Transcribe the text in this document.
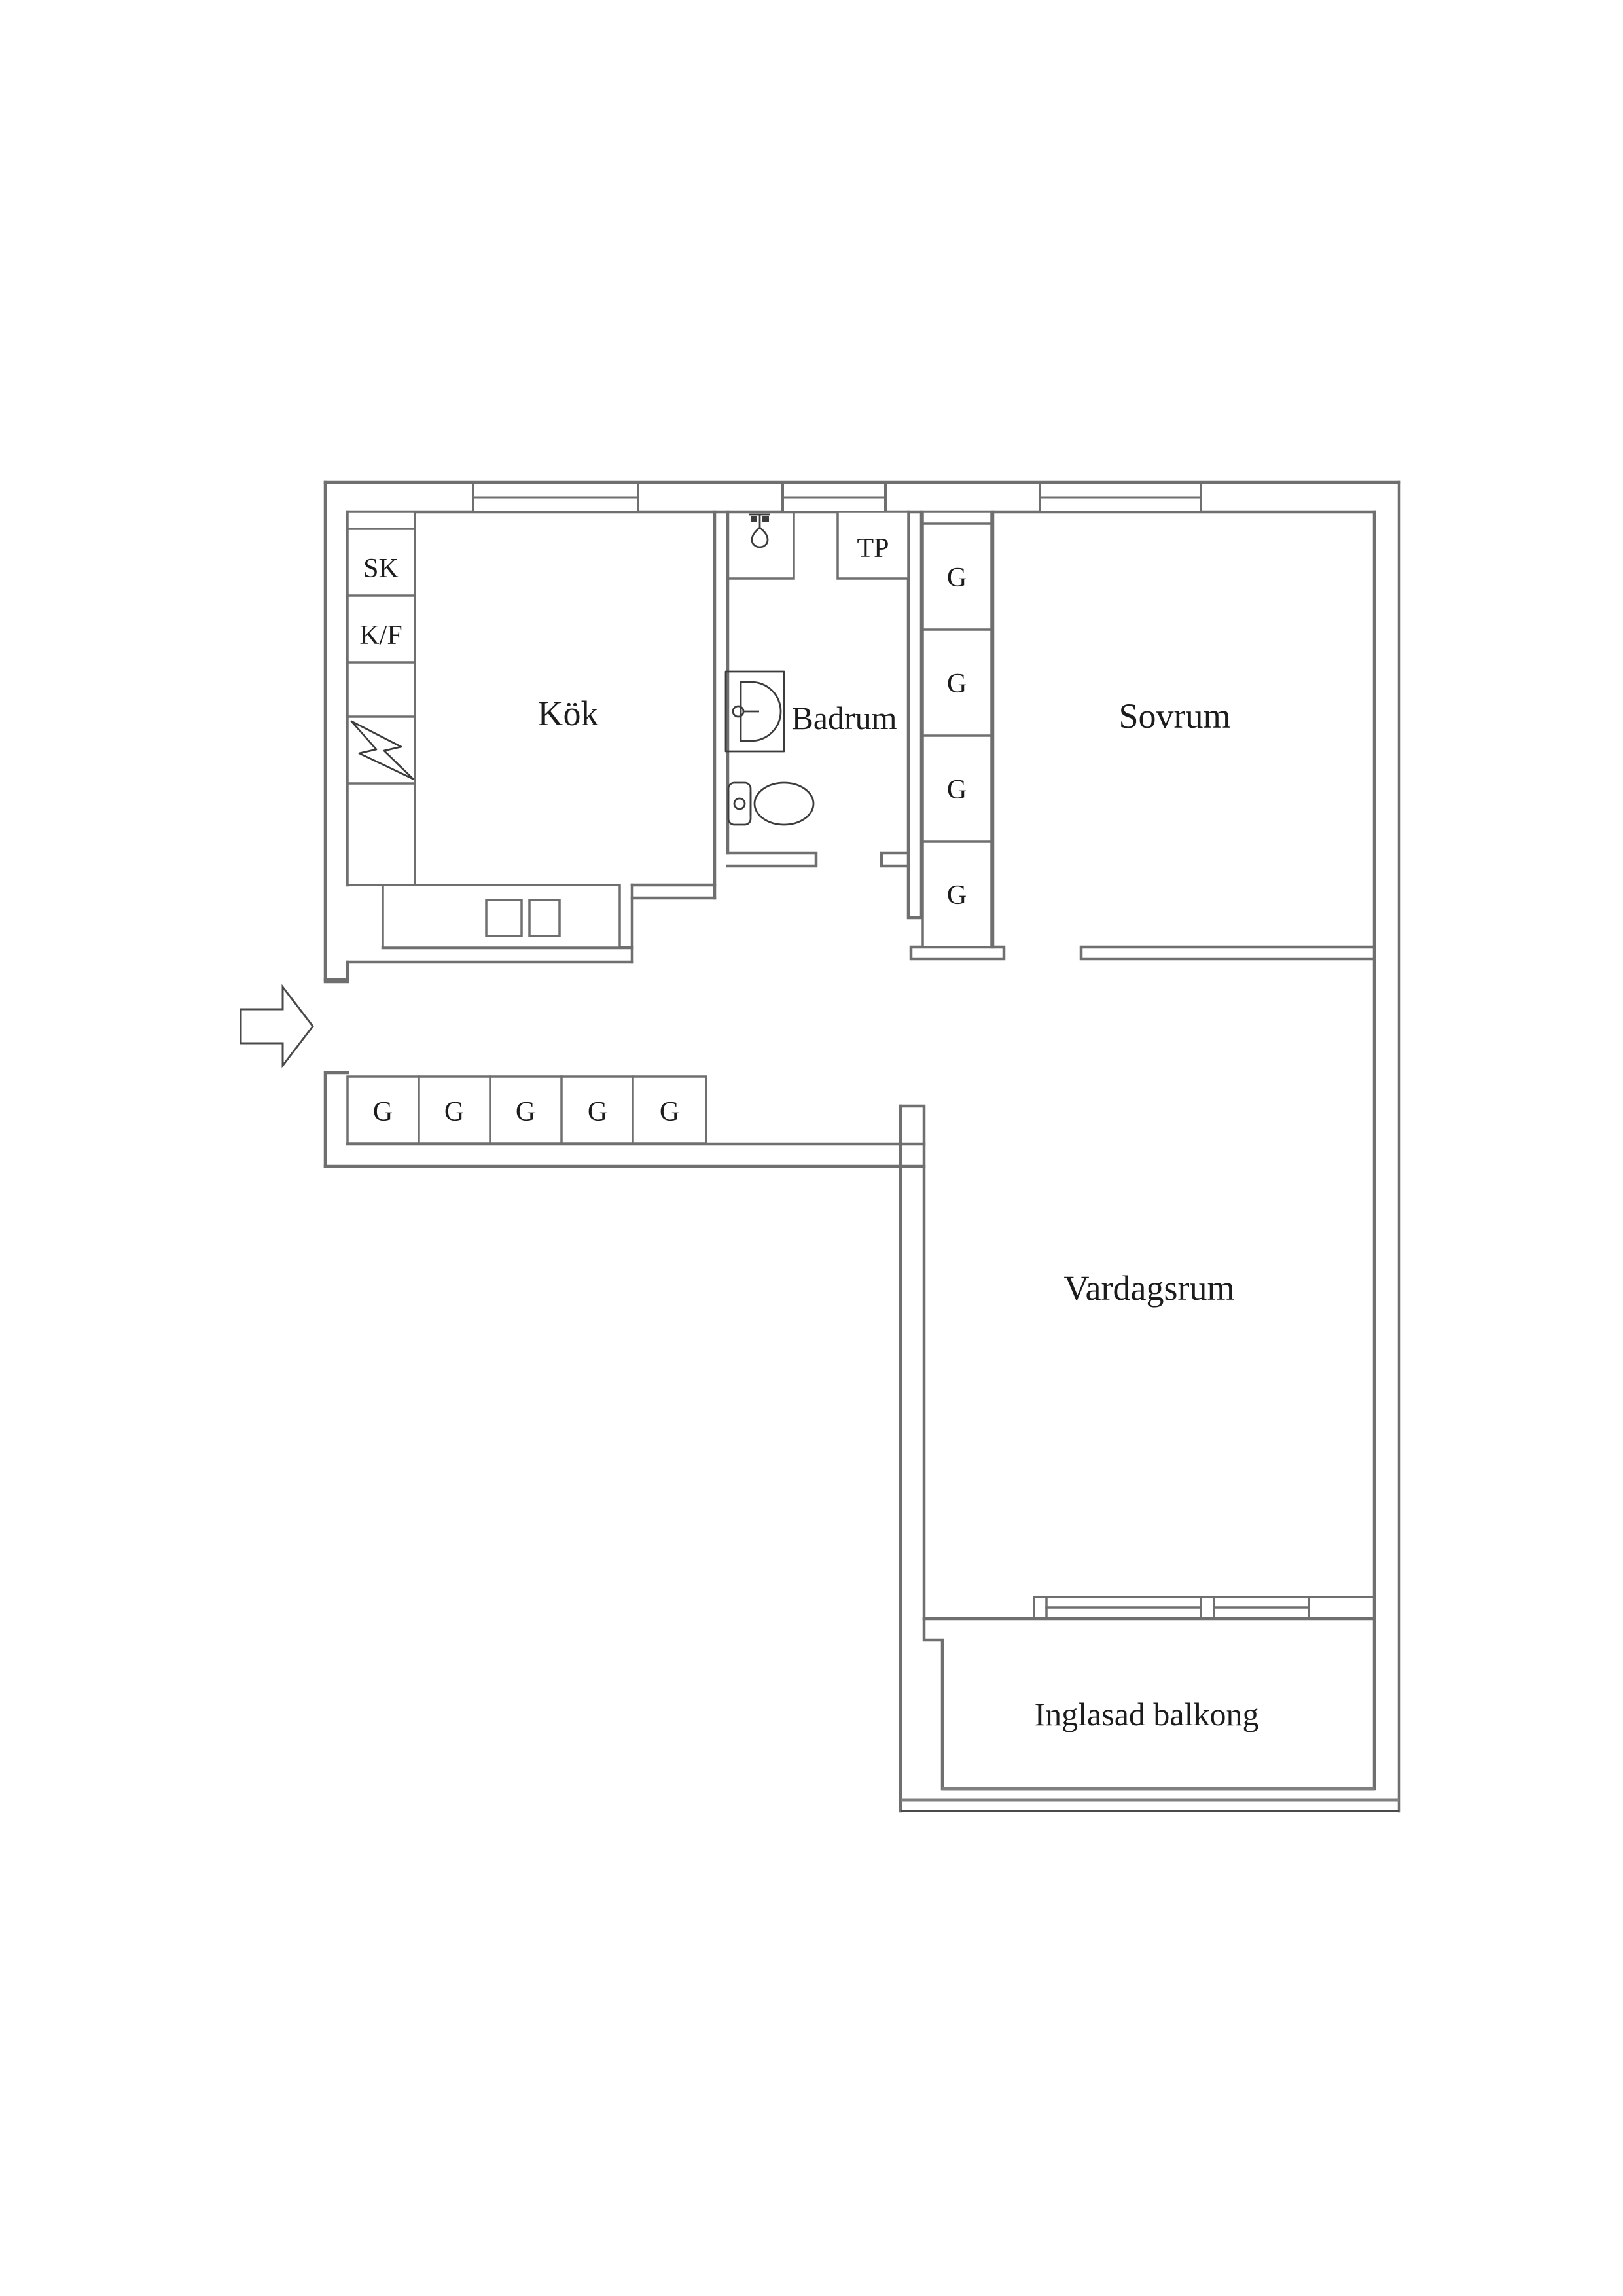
G
G
G
G
G G G G G
SK
K/F
Kök	Badrum
TP
Sovrum
Vardagsrum
Inglasad balkong
